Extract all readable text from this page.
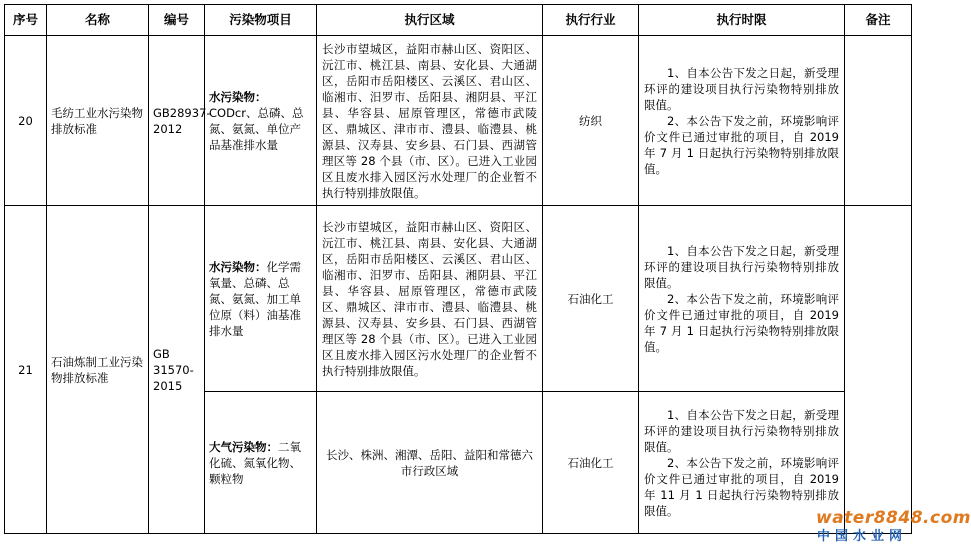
序号	名称	编号	污染物项目	执行区域	执行行业	执行时限	备注
20	毛纺工业水污染物排放标准	GB28937-2012	水污染物：CODcr、总磷、总氮、氨氮、单位产品基准排水量	长沙市望城区，益阳市赫山区、资阳区、沅江市、桃江县、南县、安化县、大通湖区，岳阳市岳阳楼区、云溪区、君山区、临湘市、汨罗市、岳阳县、湘阴县、平江县、华容县、屈原管理区，常德市武陵区、鼎城区、津市市、澧县、临澧县、桃源县、汉寿县、安乡县、石门县、西湖管理区等 28 个县（市、区）。已进入工业园区且废水排入园区污水处理厂的企业暂不执行特别排放限值。	纺织	1、自本公告下发之日起，新受理环评的建设项目执行污染物特别排放限值。

2、本公告下发之前，环境影响评价文件已通过审批的项目，自 2019 年 7 月 1 日起执行污染物特别排放限值。	

21	石油炼制工业污染物排放标准	GB 31570-2015	水污染物：化学需氧量、总磷、总氮、氨氮、加工单位原（料）油基准排水量	长沙市望城区，益阳市赫山区、资阳区、沅江市、桃江县、南县、安化县、大通湖区，岳阳市岳阳楼区、云溪区、君山区、临湘市、汨罗市、岳阳县、湘阴县、平江县、华容县、屈原管理区，常德市武陵区、鼎城区、津市市、澧县、临澧县、桃源县、汉寿县、安乡县、石门县、西湖管理区等 28 个县（市、区）。已进入工业园区且废水排入园区污水处理厂的企业暂不执行特别排放限值。	石油化工	1、自本公告下发之日起，新受理环评的建设项目执行污染物特别排放限值。

2、本公告下发之前，环境影响评价文件已通过审批的项目，自 2019 年 7 月 1 日起执行污染物特别排放限值。	

			大气污染物：二氧化硫、氮氧化物、颗粒物	长沙、株洲、湘潭、岳阳、益阳和常德六市行政区域	石油化工	1、自本公告下发之日起，新受理环评的建设项目执行污染物特别排放限值。

2、本公告下发之前，环境影响评价文件已通过审批的项目，自 2019 年 11 月 1 日起执行污染物特别排放限值。		water8848.com
中国水业网
